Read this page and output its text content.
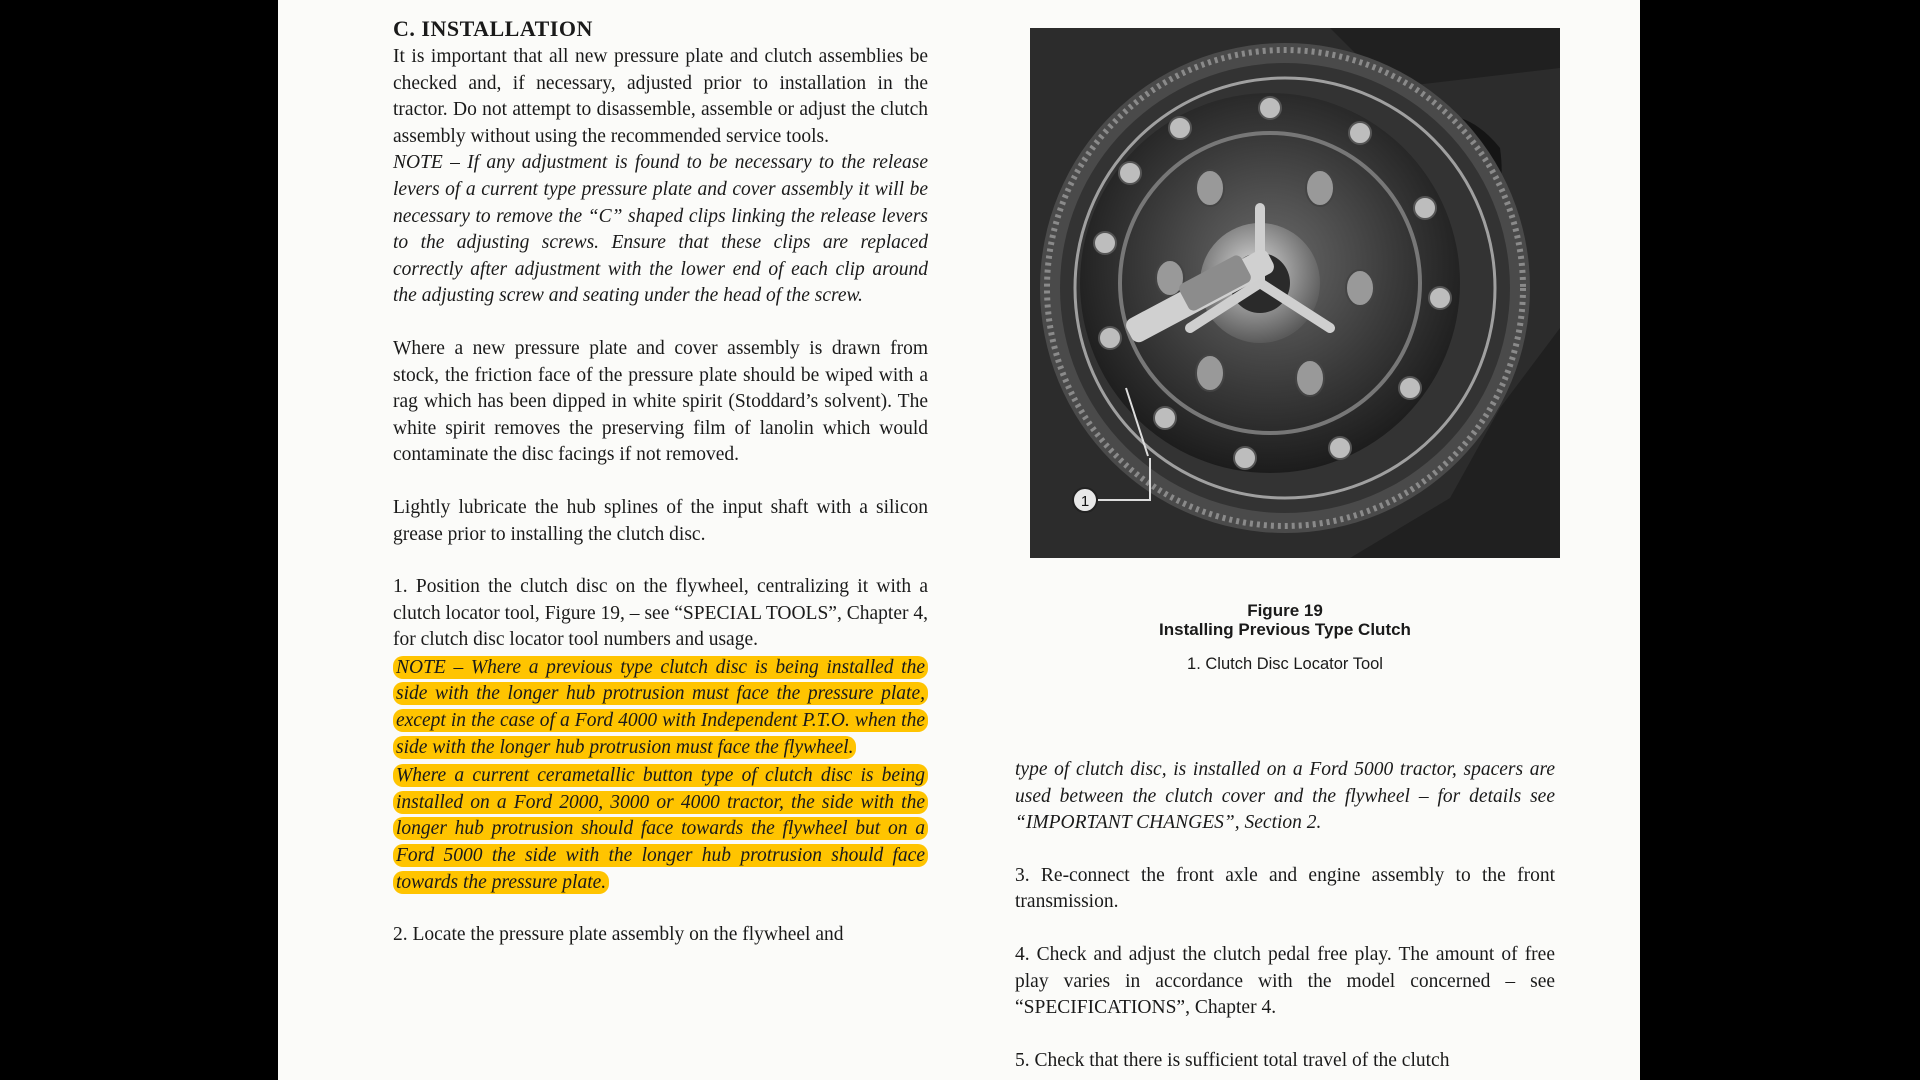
C. INSTALLATION

It is important that all new pressure plate and clutch assemblies be checked and, if necessary, adjusted prior to installation in the tractor. Do not attempt to disassemble, assemble or adjust the clutch assembly without using the recommended service tools.

NOTE – If any adjustment is found to be necessary to the release levers of a current type pressure plate and cover assembly it will be necessary to remove the “C” shaped clips linking the release levers to the adjusting screws. Ensure that these clips are replaced correctly after adjustment with the lower end of each clip around the adjusting screw and seating under the head of the screw.

Where a new pressure plate and cover assembly is drawn from stock, the friction face of the pressure plate should be wiped with a rag which has been dipped in white spirit (Stoddard’s solvent). The white spirit removes the preserving film of lanolin which would contaminate the disc facings if not removed.

Lightly lubricate the hub splines of the input shaft with a silicon grease prior to installing the clutch disc.

1. Position the clutch disc on the flywheel, centralizing it with a clutch locator tool, Figure 19, – see “SPECIAL TOOLS”, Chapter 4, for clutch disc locator tool numbers and usage.

NOTE – Where a previous type clutch disc is being installed the side with the longer hub protrusion must face the pressure plate, except in the case of a Ford 4000 with Independent P.T.O. when the side with the longer hub protrusion must face the flywheel.

Where a current cerametallic button type of clutch disc is being installed on a Ford 2000, 3000 or 4000 tractor, the side with the longer hub protrusion should face towards the flywheel but on a Ford 5000 the side with the longer hub protrusion should face towards the pressure plate.

2. Locate the pressure plate assembly on the flywheel and

1
Figure 19
Installing Previous Type Clutch
1. Clutch Disc Locator Tool

type of clutch disc, is installed on a Ford 5000 tractor, spacers are used between the clutch cover and the flywheel – for details see “IMPORTANT CHANGES”, Section 2.

3. Re-connect the front axle and engine assembly to the front transmission.

4. Check and adjust the clutch pedal free play. The amount of free play varies in accordance with the model concerned – see “SPECIFICATIONS”, Chapter 4.

5. Check that there is sufficient total travel of the clutch
